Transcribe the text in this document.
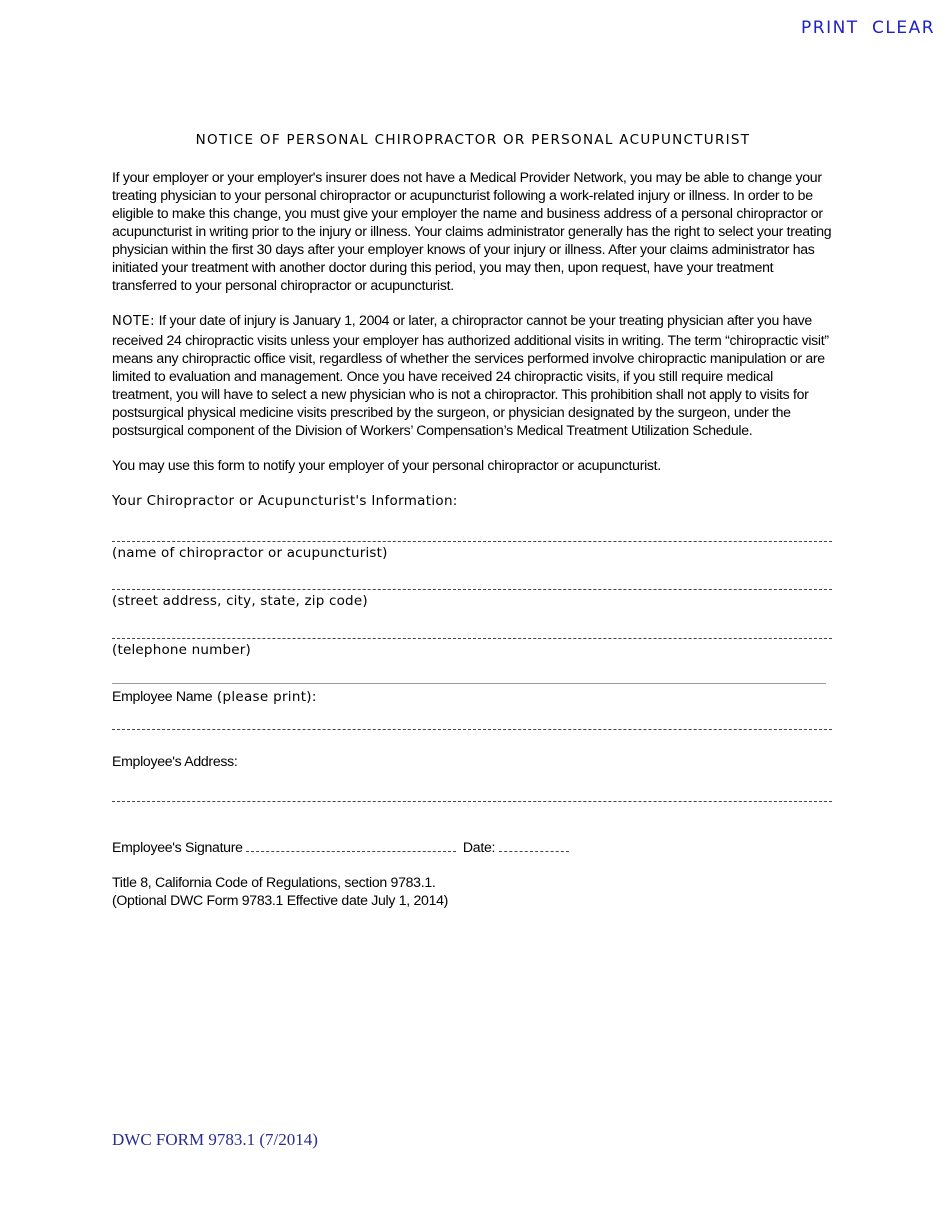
PRINT CLEAR
NOTICE OF PERSONAL CHIROPRACTOR OR PERSONAL ACUPUNCTURIST

If your employer or your employer's insurer does not have a Medical Provider Network, you may be able to change your treating physician to your personal chiropractor or acupuncturist following a work-related injury or illness. In order to be eligible to make this change, you must give your employer the name and business address of a personal chiropractor or acupuncturist in writing prior to the injury or illness. Your claims administrator generally has the right to select your treating physician within the first 30 days after your employer knows of your injury or illness. After your claims administrator has initiated your treatment with another doctor during this period, you may then, upon request, have your treatment transferred to your personal chiropractor or acupuncturist.

NOTE: If your date of injury is January 1, 2004 or later, a chiropractor cannot be your treating physician after you have received 24 chiropractic visits unless your employer has authorized additional visits in writing. The term “chiropractic visit” means any chiropractic office visit, regardless of whether the services performed involve chiropractic manipulation or are limited to evaluation and management. Once you have received 24 chiropractic visits, if you still require medical treatment, you will have to select a new physician who is not a chiropractor. This prohibition shall not apply to visits for postsurgical physical medicine visits prescribed by the surgeon, or physician designated by the surgeon, under the postsurgical component of the Division of Workers’ Compensation’s Medical Treatment Utilization Schedule.

You may use this form to notify your employer of your personal chiropractor or acupuncturist.

Your Chiropractor or Acupuncturist's Information:
(name of chiropractor or acupuncturist)
(street address, city, state, zip code)
(telephone number)
Employee Name (please print):
Employee's Address:
Employee's Signature	Date:
Title 8, California Code of Regulations, section 9783.1.
(Optional DWC Form 9783.1 Effective date July 1, 2014)
DWC FORM 9783.1 (7/2014)
